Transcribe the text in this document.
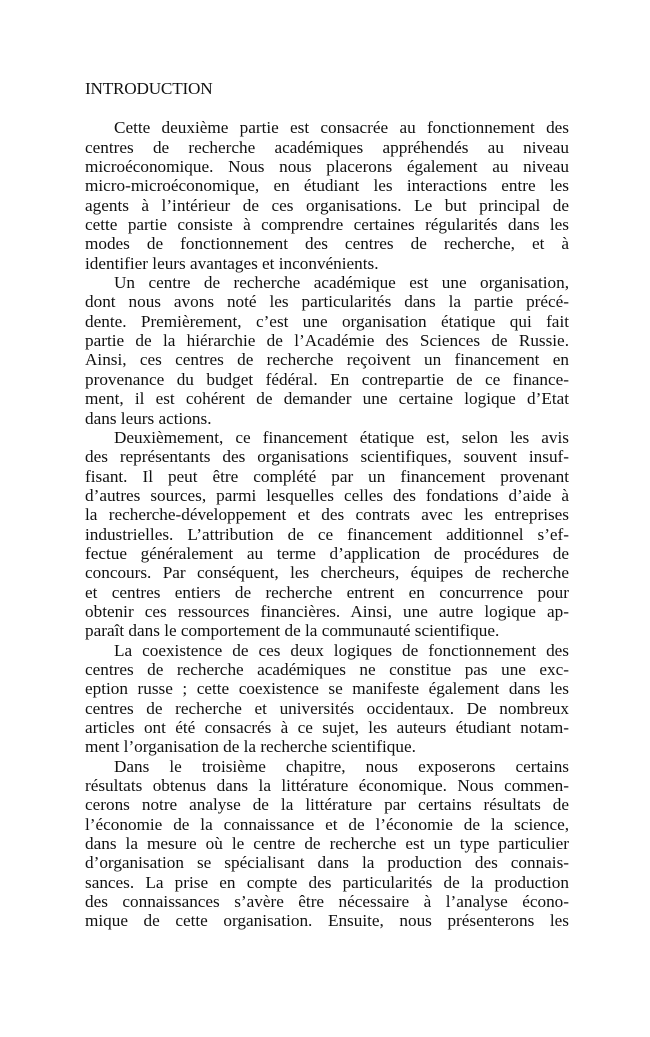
INTRODUCTION
Cette deuxième partie est consacrée au fonctionnement des
centres de recherche académiques appréhendés au niveau
microéconomique. Nous nous placerons également au niveau
micro-microéconomique, en étudiant les interactions entre les
agents à l’intérieur de ces organisations. Le but principal de
cette partie consiste à comprendre certaines régularités dans les
modes de fonctionnement des centres de recherche, et à
identifier leurs avantages et inconvénients.
Un centre de recherche académique est une organisation,
dont nous avons noté les particularités dans la partie précé-
dente. Premièrement, c’est une organisation étatique qui fait
partie de la hiérarchie de l’Académie des Sciences de Russie.
Ainsi, ces centres de recherche reçoivent un financement en
provenance du budget fédéral. En contrepartie de ce finance-
ment, il est cohérent de demander une certaine logique d’Etat
dans leurs actions.
Deuxièmement, ce financement étatique est, selon les avis
des représentants des organisations scientifiques, souvent insuf-
fisant. Il peut être complété par un financement provenant
d’autres sources, parmi lesquelles celles des fondations d’aide à
la recherche-développement et des contrats avec les entreprises
industrielles. L’attribution de ce financement additionnel s’ef-
fectue généralement au terme d’application de procédures de
concours. Par conséquent, les chercheurs, équipes de recherche
et centres entiers de recherche entrent en concurrence pour
obtenir ces ressources financières. Ainsi, une autre logique ap-
paraît dans le comportement de la communauté scientifique.
La coexistence de ces deux logiques de fonctionnement des
centres de recherche académiques ne constitue pas une exc-
eption russe ; cette coexistence se manifeste également dans les
centres de recherche et universités occidentaux. De nombreux
articles ont été consacrés à ce sujet, les auteurs étudiant notam-
ment l’organisation de la recherche scientifique.
Dans le troisième chapitre, nous exposerons certains
résultats obtenus dans la littérature économique. Nous commen-
cerons notre analyse de la littérature par certains résultats de
l’économie de la connaissance et de l’économie de la science,
dans la mesure où le centre de recherche est un type particulier
d’organisation se spécialisant dans la production des connais-
sances. La prise en compte des particularités de la production
des connaissances s’avère être nécessaire à l’analyse écono-
mique de cette organisation. Ensuite, nous présenterons les
